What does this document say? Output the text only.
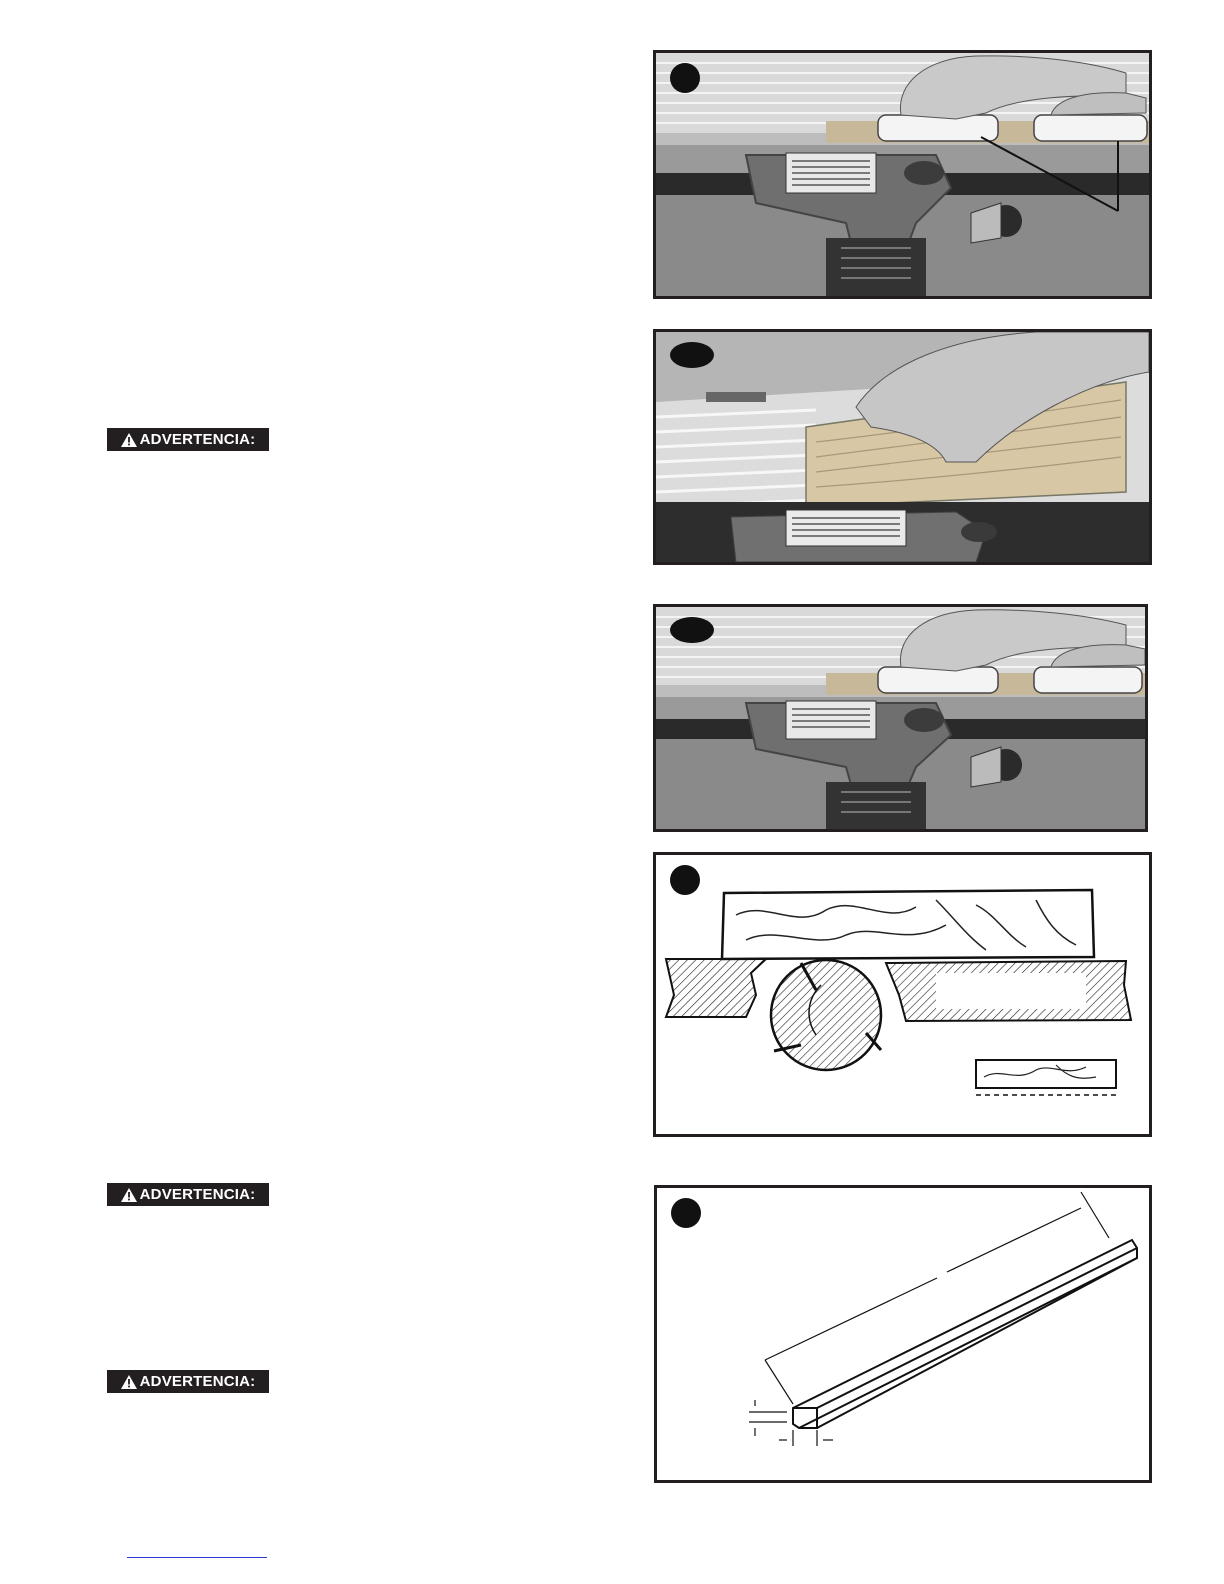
ADVERTENCIA:
ADVERTENCIA:
ADVERTENCIA:
